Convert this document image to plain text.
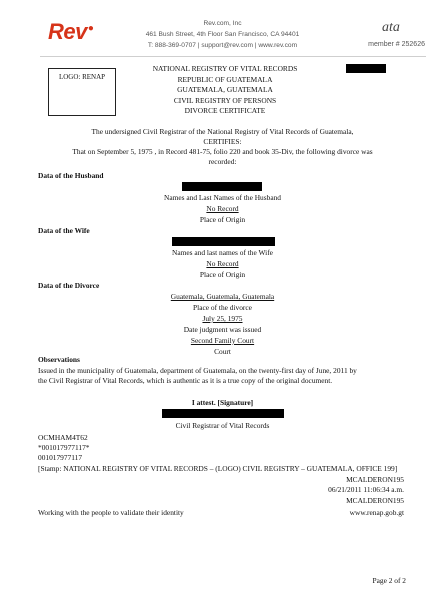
Rev●	Rev.com, Inc
461 Bush Street, 4th Floor San Francisco, CA 94401
T: 888-369-0707 | support@rev.com | www.rev.com
ata
member # 252626
LOGO: RENAP
NATIONAL REGISTRY OF VITAL RECORDS
REPUBLIC OF GUATEMALA
GUATEMALA, GUATEMALA
CIVIL REGISTRY OF PERSONS
DIVORCE CERTIFICATE
The undersigned Civil Registrar of the National Registry of Vital Records of Guatemala,
CERTIFIES:
That on September 5, 1975 , in Record 481-75, folio 220 and book 35-Div, the following divorce was
recorded:
Data of the Husband
Names and Last Names of the Husband
No Record
Place of Origin
Data of the Wife
Names and last names of the Wife
No Record
Place of Origin
Data of the Divorce
Guatemala, Guatemala, Guatemala
Place of the divorce
July 25, 1975
Date judgment was issued
Second Family Court
Court
Observations
Issued in the municipality of Guatemala, department of Guatemala, on the twenty-first day of June, 2011 by
the Civil Registrar of Vital Records, which is authentic as it is a true copy of the original document.
I attest. [Signature]
Civil Registrar of Vital Records
OCMHAM4T62
*001017977117*
001017977117
[Stamp: NATIONAL REGISTRY OF VITAL RECORDS – (LOGO) CIVIL REGISTRY – GUATEMALA, OFFICE 199]
MCALDERON195
06/21/2011 11:06:34 a.m.
MCALDERON195
Working with the people to validate their identity	www.renap.gob.gt
Page 2 of 2
